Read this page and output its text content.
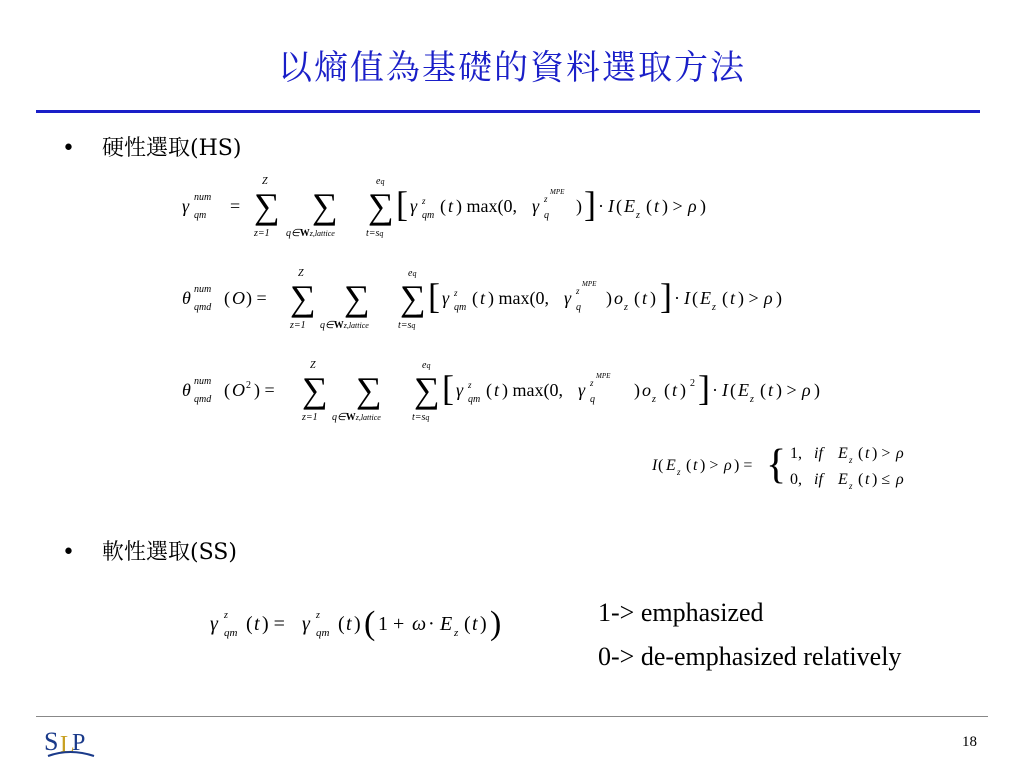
以熵值為基礎的資料選取方法
• 硬性選取(HS)
γ num
qm = ∑
Z
z=1
∑
q∈Wz,lattice
∑
eq
t=sq
[ γ z
qm ( t ) max(0, γ z
MPE
q ) ] · I ( E z ( t ) > ρ )
θ num
qmd ( O ) = ∑
Z
z=1
∑
q∈Wz,lattice
∑
eq
t=sq
[ γ z
qm ( t ) max(0, γ z
MPE
q ) o z ( t ) ] · I ( E z ( t ) > ρ )
θ num
qmd ( O 2 ) = ∑
Z
z=1
∑
q∈Wz,lattice
∑
eq
t=sq
[ γ z
qm ( t ) max(0, γ z
MPE
q ) o z ( t ) 2 ] · I ( E z ( t ) > ρ )
I ( E z ( t ) > ρ ) = { 1, if E z ( t ) > ρ
0, if E z ( t ) ≤ ρ
• 軟性選取(SS)
γ z
qm ( t ) = γ z
qm ( t ) ( 1 + ω · E z ( t ) )	1-> emphasized
0-> de-emphasized relatively
S L
P	18
